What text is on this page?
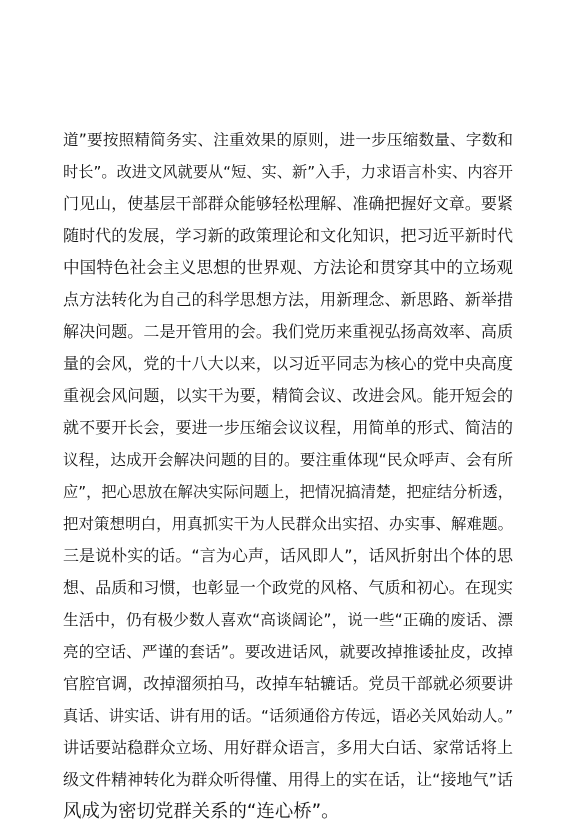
道”要按照精简务实、注重效果的原则，进一步压缩数量、字数和
时长”。改进文风就要从“短、实、新”入手，力求语言朴实、内容开
门见山，使基层干部群众能够轻松理解、准确把握好文章。要紧
随时代的发展，学习新的政策理论和文化知识，把习近平新时代
中国特色社会主义思想的世界观、方法论和贯穿其中的立场观
点方法转化为自己的科学思想方法，用新理念、新思路、新举措
解决问题。二是开管用的会。我们党历来重视弘扬高效率、高质
量的会风，党的十八大以来，以习近平同志为核心的党中央高度
重视会风问题，以实干为要，精简会议、改进会风。能开短会的
就不要开长会，要进一步压缩会议议程，用简单的形式、简洁的
议程，达成开会解决问题的目的。要注重体现“民众呼声、会有所
应”，把心思放在解决实际问题上，把情况搞清楚，把症结分析透，
把对策想明白，用真抓实干为人民群众出实招、办实事、解难题。
三是说朴实的话。“言为心声，话风即人”，话风折射出个体的思
想、品质和习惯，也彰显一个政党的风格、气质和初心。在现实
生活中，仍有极少数人喜欢“高谈阔论”，说一些“正确的废话、漂
亮的空话、严谨的套话”。要改进话风，就要改掉推诿扯皮，改掉
官腔官调，改掉溜须拍马，改掉车轱辘话。党员干部就必须要讲
真话、讲实话、讲有用的话。“话须通俗方传远，语必关风始动人。”
讲话要站稳群众立场、用好群众语言，多用大白话、家常话将上
级文件精神转化为群众听得懂、用得上的实在话，让“接地气”话
风成为密切党群关系的“连心桥”。
